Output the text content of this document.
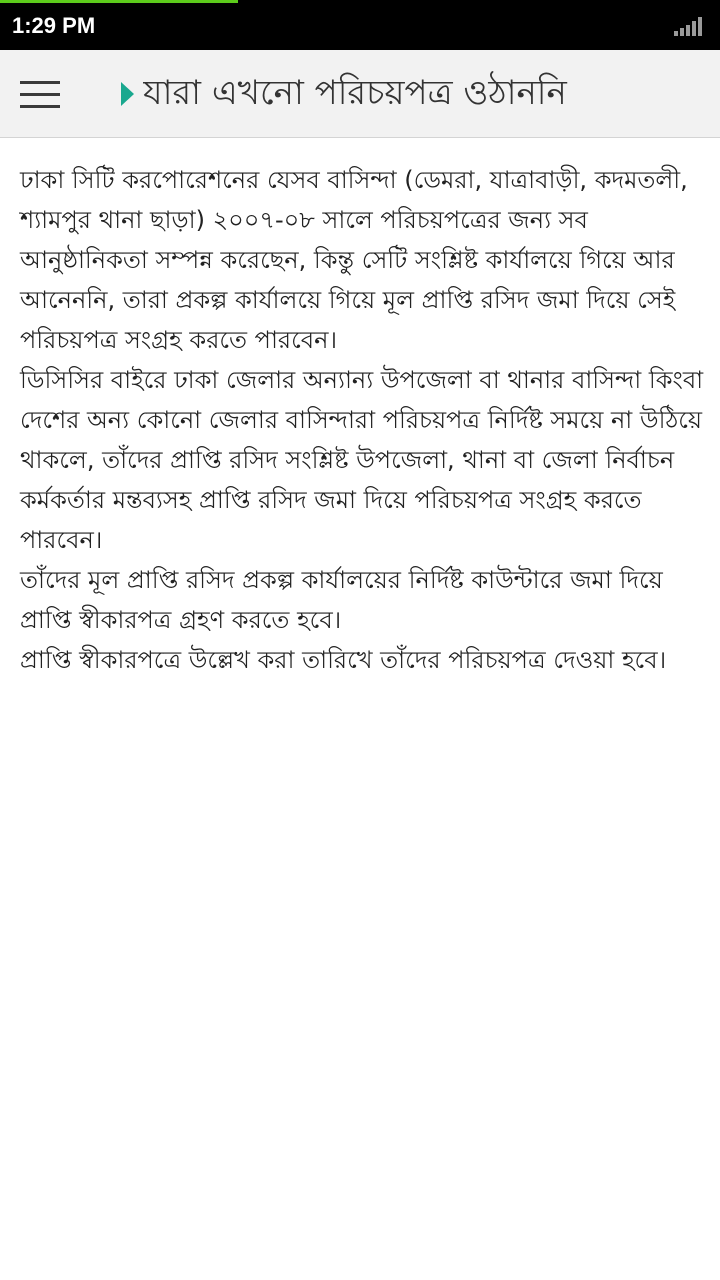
1:29 PM
যারা এখনো পরিচয়পত্র ওঠাননি

ঢাকা সিটি করপোরেশনের যেসব বাসিন্দা (ডেমরা, যাত্রাবাড়ী, কদমতলী, শ্যামপুর থানা ছাড়া) ২০০৭-০৮ সালে পরিচয়পত্রের জন্য সব আনুষ্ঠানিকতা সম্পন্ন করেছেন, কিন্তু সেটি সংশ্লিষ্ট কার্যালয়ে গিয়ে আর আনেননি, তারা প্রকল্প কার্যালয়ে গিয়ে মূল প্রাপ্তি রসিদ জমা দিয়ে সেই পরিচয়পত্র সংগ্রহ করতে পারবেন।

ডিসিসির বাইরে ঢাকা জেলার অন্যান্য উপজেলা বা থানার বাসিন্দা কিংবা দেশের অন্য কোনো জেলার বাসিন্দারা পরিচয়পত্র নির্দিষ্ট সময়ে না উঠিয়ে থাকলে, তাঁদের প্রাপ্তি রসিদ সংশ্লিষ্ট উপজেলা, থানা বা জেলা নির্বাচন কর্মকর্তার মন্তব্যসহ প্রাপ্তি রসিদ জমা দিয়ে পরিচয়পত্র সংগ্রহ করতে পারবেন।

তাঁদের মূল প্রাপ্তি রসিদ প্রকল্প কার্যালয়ের নির্দিষ্ট কাউন্টারে জমা দিয়ে প্রাপ্তি স্বীকারপত্র গ্রহণ করতে হবে।

প্রাপ্তি স্বীকারপত্রে উল্লেখ করা তারিখে তাঁদের পরিচয়পত্র দেওয়া হবে।
